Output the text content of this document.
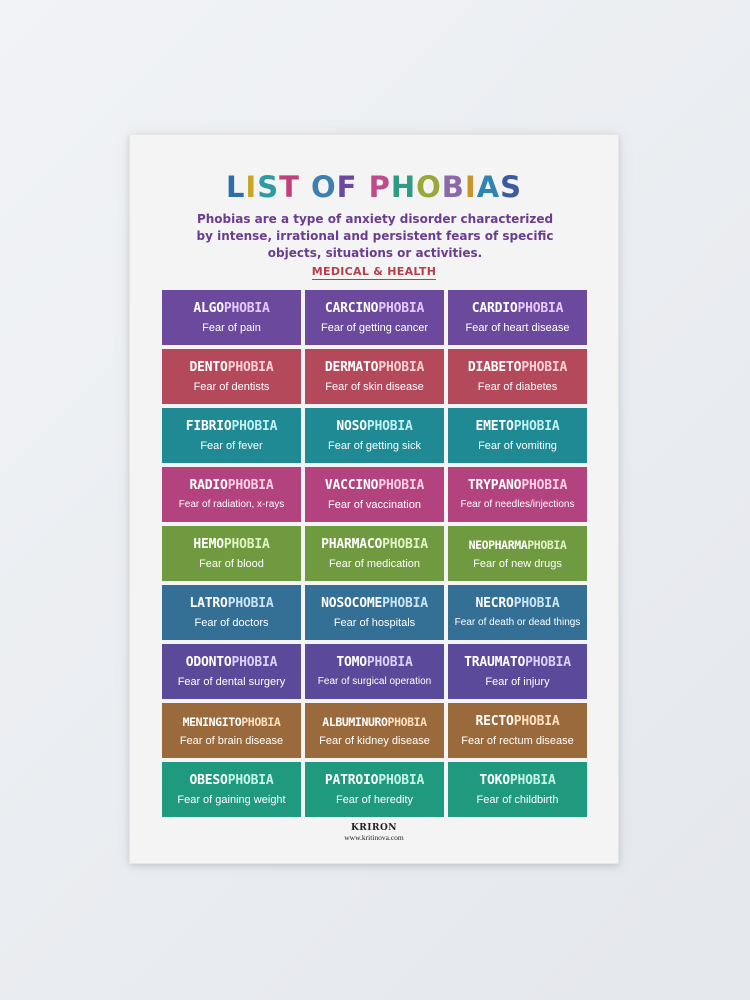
LIST OF PHOBIAS

Phobias are a type of anxiety disorder characterized by intense, irrational and persistent fears of specific objects, situations or activities.

MEDICAL & HEALTH
ALGOPHOBIA
Fear of pain
CARCINOPHOBIA
Fear of getting cancer
CARDIOPHOBIA
Fear of heart disease
DENTOPHOBIA
Fear of dentists
DERMATOPHOBIA
Fear of skin disease
DIABETOPHOBIA
Fear of diabetes
FIBRIOPHOBIA
Fear of fever
NOSOPHOBIA
Fear of getting sick
EMETOPHOBIA
Fear of vomiting
RADIOPHOBIA
Fear of radiation, x-rays
VACCINOPHOBIA
Fear of vaccination
TRYPANOPHOBIA
Fear of needles/injections
HEMOPHOBIA
Fear of blood
PHARMACOPHOBIA
Fear of medication
NEOPHARMAPHOBIA
Fear of new drugs
LATROPHOBIA
Fear of doctors
NOSOCOMEPHOBIA
Fear of hospitals
NECROPHOBIA
Fear of death or dead things
ODONTOPHOBIA
Fear of dental surgery
TOMOPHOBIA
Fear of surgical operation
TRAUMATOPHOBIA
Fear of injury
MENINGITOPHOBIA
Fear of brain disease
ALBUMINUROPHOBIA
Fear of kidney disease
RECTOPHOBIA
Fear of rectum disease
OBESOPHOBIA
Fear of gaining weight
PATROIOPHOBIA
Fear of heredity
TOKOPHOBIA
Fear of childbirth
KRIRON
www.kritinova.com
